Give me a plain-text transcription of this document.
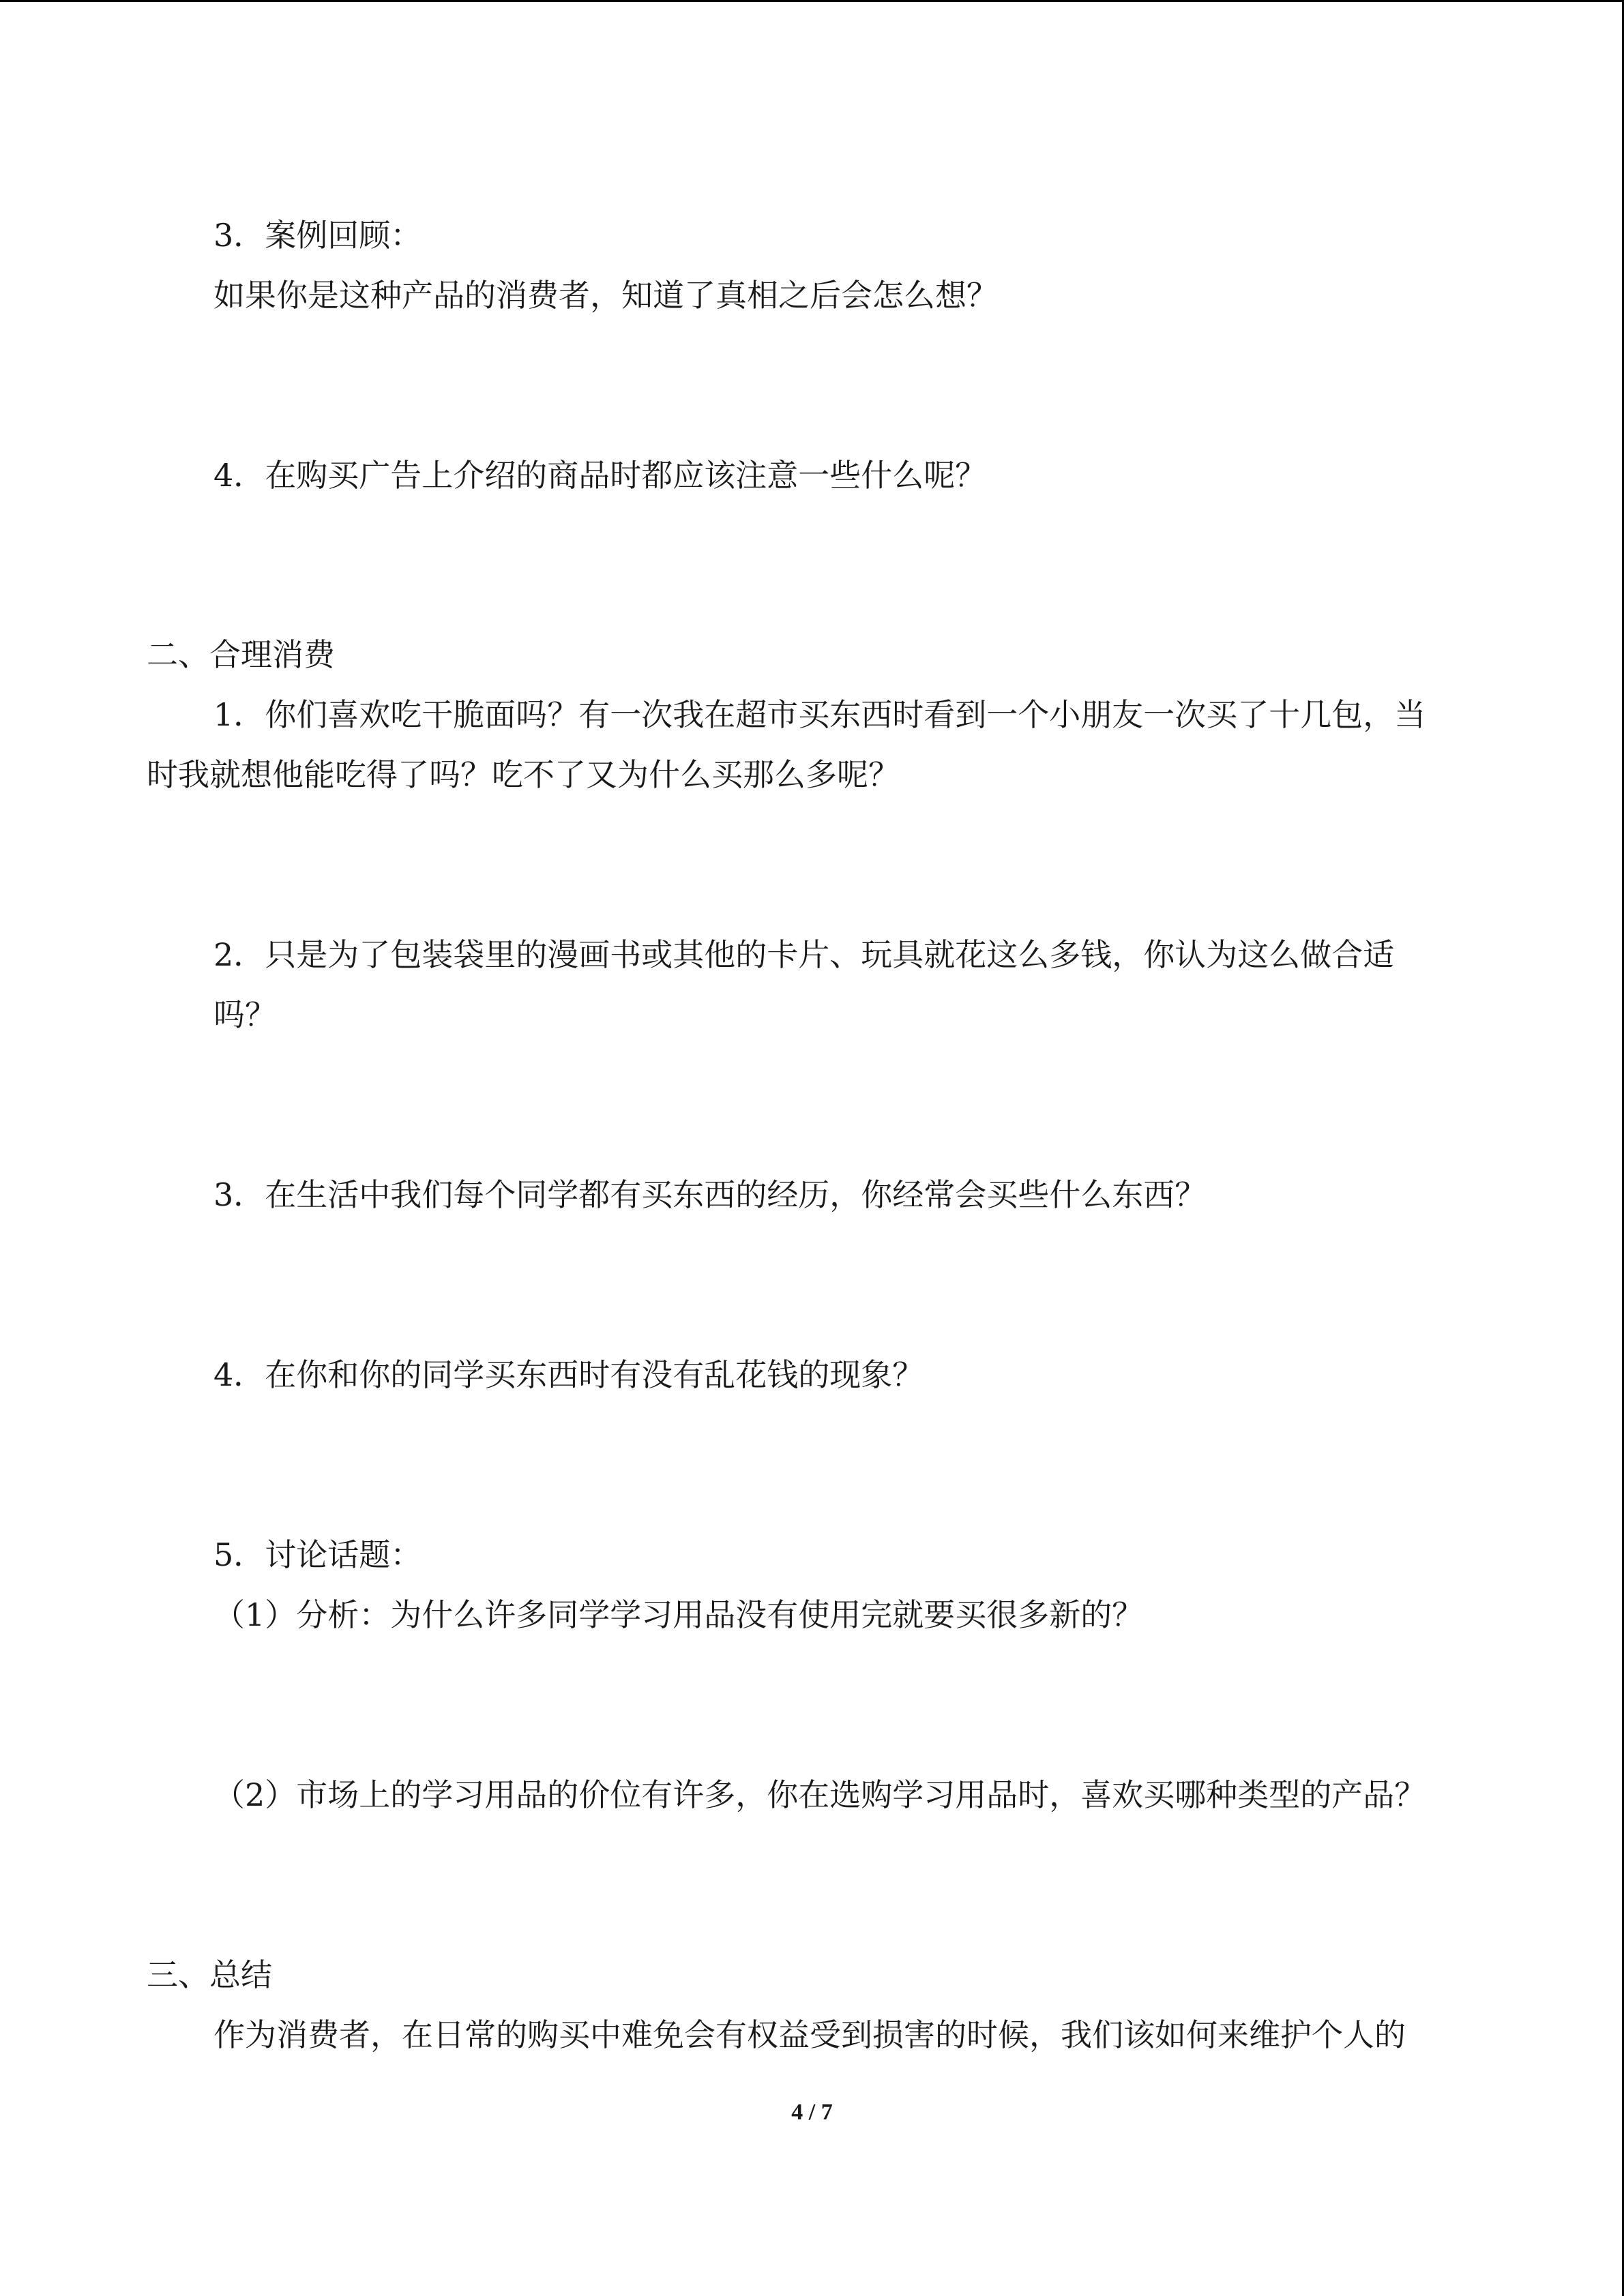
3．案例回顾：
如果你是这种产品的消费者，知道了真相之后会怎么想？
4．在购买广告上介绍的商品时都应该注意一些什么呢？
二、合理消费
1．你们喜欢吃干脆面吗？有一次我在超市买东西时看到一个小朋友一次买了十几包，当
时我就想他能吃得了吗？吃不了又为什么买那么多呢？
2．只是为了包装袋里的漫画书或其他的卡片、玩具就花这么多钱，你认为这么做合适
吗？
3．在生活中我们每个同学都有买东西的经历，你经常会买些什么东西？
4．在你和你的同学买东西时有没有乱花钱的现象？
5．讨论话题：
（1）分析：为什么许多同学学习用品没有使用完就要买很多新的？
（2）市场上的学习用品的价位有许多，你在选购学习用品时，喜欢买哪种类型的产品？
三、总结
作为消费者，在日常的购买中难免会有权益受到损害的时候，我们该如何来维护个人的
4 / 7
